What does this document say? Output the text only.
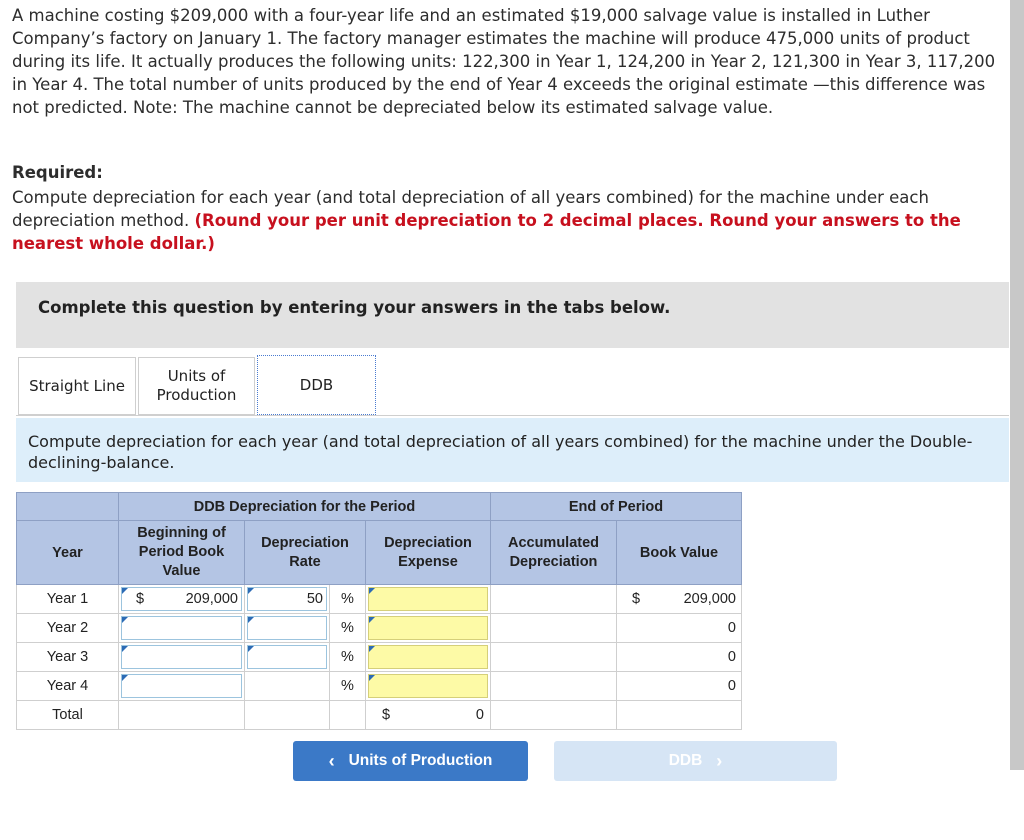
A machine costing $209,000 with a four-year life and an estimated $19,000 salvage value is installed in Luther Company’s factory on January 1. The factory manager estimates the machine will produce 475,000 units of product during its life. It actually produces the following units: 122,300 in Year 1, 124,200 in Year 2, 121,300 in Year 3, 117,200 in Year 4. The total number of units produced by the end of Year 4 exceeds the original estimate —this difference was not predicted. Note: The machine cannot be depreciated below its estimated salvage value.
Required:
Compute depreciation for each year (and total depreciation of all years combined) for the machine under each depreciation method. (Round your per unit depreciation to 2 decimal places. Round your answers to the nearest whole dollar.)
Complete this question by entering your answers in the tabs below.
Straight Line
Units of Production
DDB
Compute depreciation for each year (and total depreciation of all years combined) for the machine under the Double-declining-balance.
	DDB Depreciation for the Period				End of Period	
Year	Beginning of Period Book Value	Depreciation Rate		Depreciation Expense	Accumulated Depreciation	Book Value
Year 1	$ 209,000	50	%			$ 209,000

Year 2			%			0
Year 3			%			0
Year 4			%			0
Total				$ 0		

‹ Units of Production	DDB ›
